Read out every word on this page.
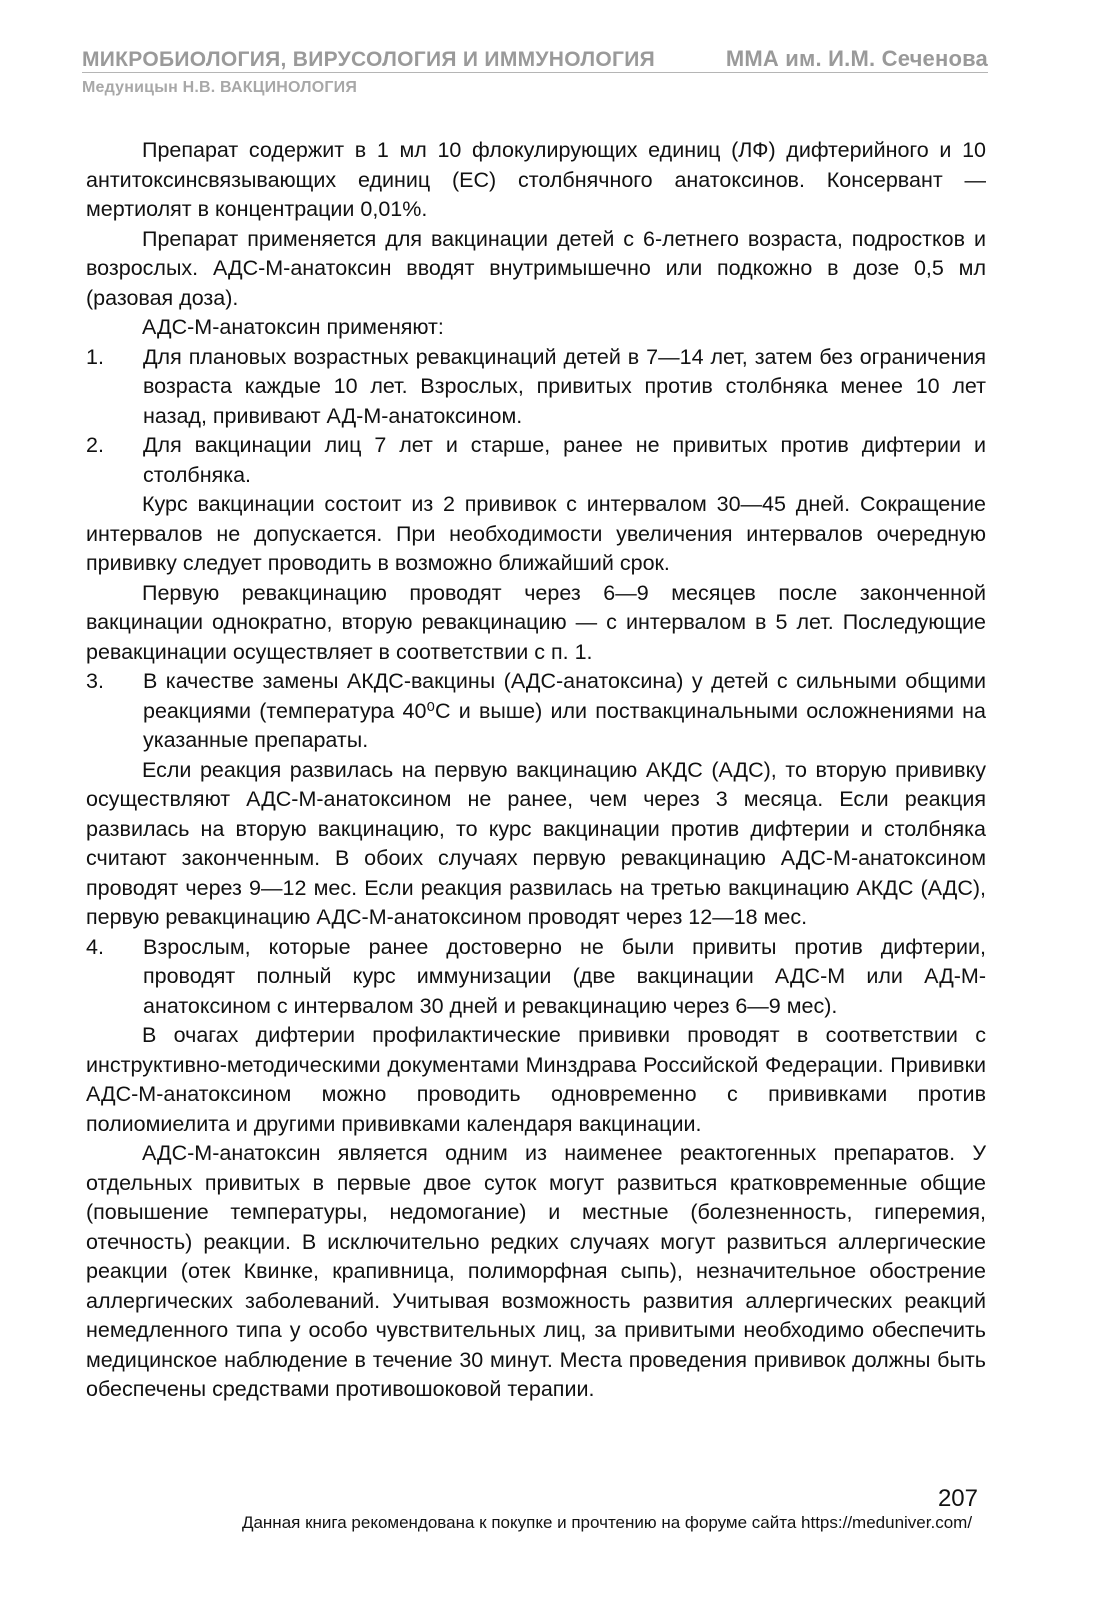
МИКРОБИОЛОГИЯ, ВИРУСОЛОГИЯ И ИММУНОЛОГИЯ	ММА им. И.М. Сеченова
Медуницын Н.В. ВАКЦИНОЛОГИЯ

Препарат содержит в 1 мл 10 флокулирующих единиц (ЛФ) дифтерийного и 10 антитоксинсвязывающих единиц (ЕС) столбнячного анатоксинов. Консервант — мертиолят в концентрации 0,01%.

Препарат применяется для вакцинации детей с 6-летнего возраста, подростков и возрослых. АДС-М-анатоксин вводят внутримышечно или подкожно в дозе 0,5 мл (разовая доза).

АДС-М-анатоксин применяют:

1.	Для плановых возрастных ревакцинаций детей в 7—14 лет, затем без ограничения возраста каждые 10 лет. Взрослых, привитых против столбняка менее 10 лет назад, прививают АД-М-анатоксином.
2.	Для вакцинации лиц 7 лет и старше, ранее не привитых против дифтерии и столбняка.

Курс вакцинации состоит из 2 прививок с интервалом 30—45 дней. Сокращение интервалов не допускается. При необходимости увеличения интервалов очередную прививку следует проводить в возможно ближайший срок.

Первую ревакцинацию проводят через 6—9 месяцев после законченной вакцинации однократно, вторую ревакцинацию — с интервалом в 5 лет. Последующие ревакцинации осуществляет в соответствии с п. 1.

3.	В качестве замены АКДС-вакцины (АДС-анатоксина) у детей с сильными общими реакциями (температура 40⁰С и выше) или поствакцинальными осложнениями на указанные препараты.

Если реакция развилась на первую вакцинацию АКДС (АДС), то вторую прививку осуществляют АДС-М-анатоксином не ранее, чем через 3 месяца. Если реакция развилась на вторую вакцинацию, то курс вакцинации против дифтерии и столбняка считают законченным. В обоих случаях первую ревакцинацию АДС-М-анатоксином проводят через 9—12 мес. Если реакция развилась на третью вакцинацию АКДС (АДС), первую ревакцинацию АДС-М-анатоксином проводят через 12—18 мес.

4.	Взрослым, которые ранее достоверно не были привиты против дифтерии, проводят полный курс иммунизации (две вакцинации АДС-М или АД-М-анатоксином с интервалом 30 дней и ревакцинацию через 6—9 мес).

В очагах дифтерии профилактические прививки проводят в соответствии с инструктивно-методическими документами Минздрава Российской Федерации. Прививки АДС-М-анатоксином можно проводить одновременно с прививками против полиомиелита и другими прививками календаря вакцинации.

АДС-М-анатоксин является одним из наименее реактогенных препаратов. У отдельных привитых в первые двое суток могут развиться кратковременные общие (повышение температуры, недомогание) и местные (болезненность, гиперемия, отечность) реакции. В исключительно редких случаях могут развиться аллергические реакции (отек Квинке, крапивница, полиморфная сыпь), незначительное обострение аллергических заболеваний. Учитывая возможность развития аллергических реакций немедленного типа у особо чувствительных лиц, за привитыми необходимо обеспечить медицинское наблюдение в течение 30 минут. Места проведения прививок должны быть обеспечены средствами противошоковой терапии.

207
Данная книга рекомендована к покупке и прочтению на форуме сайта https://meduniver.com/
